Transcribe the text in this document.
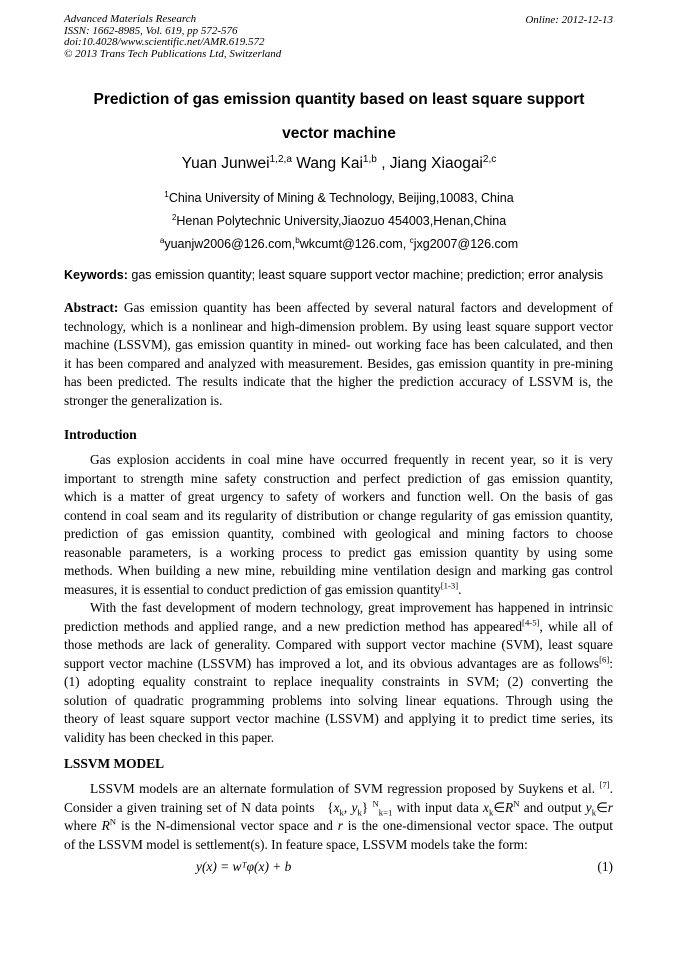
Advanced Materials Research
ISSN: 1662-8985, Vol. 619, pp 572-576
doi:10.4028/www.scientific.net/AMR.619.572
© 2013 Trans Tech Publications Ltd, Switzerland
Online: 2012-12-13
Prediction of gas emission quantity based on least square support
vector machine
Yuan Junwei$^{1,2,a}$ Wang Kai$^{1,b}$ , Jiang Xiaogai$^{2,c}$
$^1$China University of Mining & Technology, Beijing,10083, China
$^2$Henan Polytechnic University,Jiaozuo 454003,Henan,China
$^a$yuanjw2006@126.com,$^b$wkcumt@126.com, $^c$jxg2007@126.com
Keywords: gas emission quantity; least square support vector machine; prediction; error analysis
Abstract: Gas emission quantity has been affected by several natural factors and development of
technology, which is a nonlinear and high-dimension problem. By using least square support vector
machine (LSSVM), gas emission quantity in mined- out working face has been calculated, and then
it has been compared and analyzed with measurement. Besides, gas emission quantity in pre-mining
has been predicted. The results indicate that the higher the prediction accuracy of LSSVM is, the
stronger the generalization is.
Introduction
Gas explosion accidents in coal mine have occurred frequently in recent year, so it is very
important to strength mine safety construction and perfect prediction of gas emission quantity,
which is a matter of great urgency to safety of workers and function well. On the basis of gas
contend in coal seam and its regularity of distribution or change regularity of gas emission quantity,
prediction of gas emission quantity, combined with geological and mining factors to choose
reasonable parameters, is a working process to predict gas emission quantity by using some
methods. When building a new mine, rebuilding mine ventilation design and marking gas control
measures, it is essential to conduct prediction of gas emission quantity[1-3].
With the fast development of modern technology, great improvement has happened in intrinsic
prediction methods and applied range, and a new prediction method has appeared[4-5], while all of
those methods are lack of generality. Compared with support vector machine (SVM), least square
support vector machine (LSSVM) has improved a lot, and its obvious advantages are as follows[6]:
(1) adopting equality constraint to replace inequality constraints in SVM; (2) converting the
solution of quadratic programming problems into solving linear equations. Through using the
theory of least square support vector machine (LSSVM) and applying it to predict time series, its
validity has been checked in this paper.
LSSVM MODEL
LSSVM models are an alternate formulation of SVM regression proposed by Suykens et al. [7].
Consider a given training set of N data points   {$x_k$, $y_k$} $^N_{k=1}$ with input data $x_k\in R^N$ and output $y_k\in r$
where $R^N$ is the N-dimensional vector space and r is the one-dimensional vector space. The output
of the LSSVM model is settlement(s). In feature space, LSSVM models take the form:
y(x) = wᵀφ(x) + b	(1)
